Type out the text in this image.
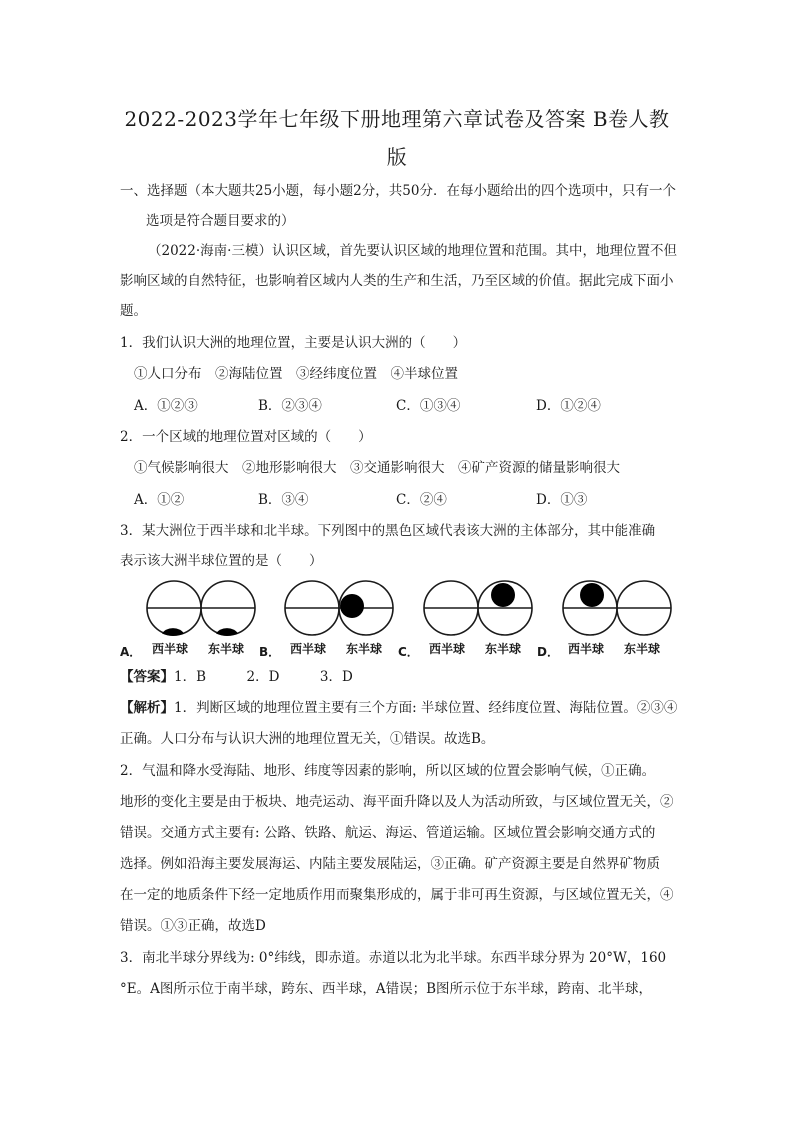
2022-2023学年七年级下册地理第六章试卷及答案 B卷人教
版
一、选择题（本大题共25小题，每小题2分，共50分．在每小题给出的四个选项中，只有一个选项是符合题目要求的）
（2022·海南·三模）认识区域，首先要认识区域的地理位置和范围。其中，地理位置不但影响区域的自然特征，也影响着区域内人类的生产和生活，乃至区域的价值。据此完成下面小题。
1．我们认识大洲的地理位置，主要是认识大洲的（　　）
①人口分布　②海陆位置　③经纬度位置　④半球位置
A．①②③	B．②③④	C．①③④	D．①②④
2．一个区域的地理位置对区域的（　　）
①气候影响很大　②地形影响很大　③交通影响很大　④矿产资源的储量影响很大
A．①②	B．③④	C．②④	D．①③
3．某大洲位于西半球和北半球。下列图中的黑色区域代表该大洲的主体部分，其中能准确
表示该大洲半球位置的是（　　）
A． 西半球 东半球 B． 西半球 东半球 C． 西半球 东半球 D． 西半球 东半球
【答案】1．B　　　2．D　　　3．D
【解析】1．判断区域的地理位置主要有三个方面: 半球位置、经纬度位置、海陆位置。②③④
正确。人口分布与认识大洲的地理位置无关，①错误。故选B。
2．气温和降水受海陆、地形、纬度等因素的影响，所以区域的位置会影响气候，①正确。
地形的变化主要是由于板块、地壳运动、海平面升降以及人为活动所致，与区域位置无关，②
错误。交通方式主要有: 公路、铁路、航运、海运、管道运输。区域位置会影响交通方式的
选择。例如沿海主要发展海运、内陆主要发展陆运，③正确。矿产资源主要是自然界矿物质
在一定的地质条件下经一定地质作用而聚集形成的，属于非可再生资源，与区域位置无关，④
错误。①③正确，故选D
3．南北半球分界线为: 0°纬线，即赤道。赤道以北为北半球。东西半球分界为 20°W，160
°E。A图所示位于南半球，跨东、西半球，A错误；B图所示位于东半球，跨南、北半球，
